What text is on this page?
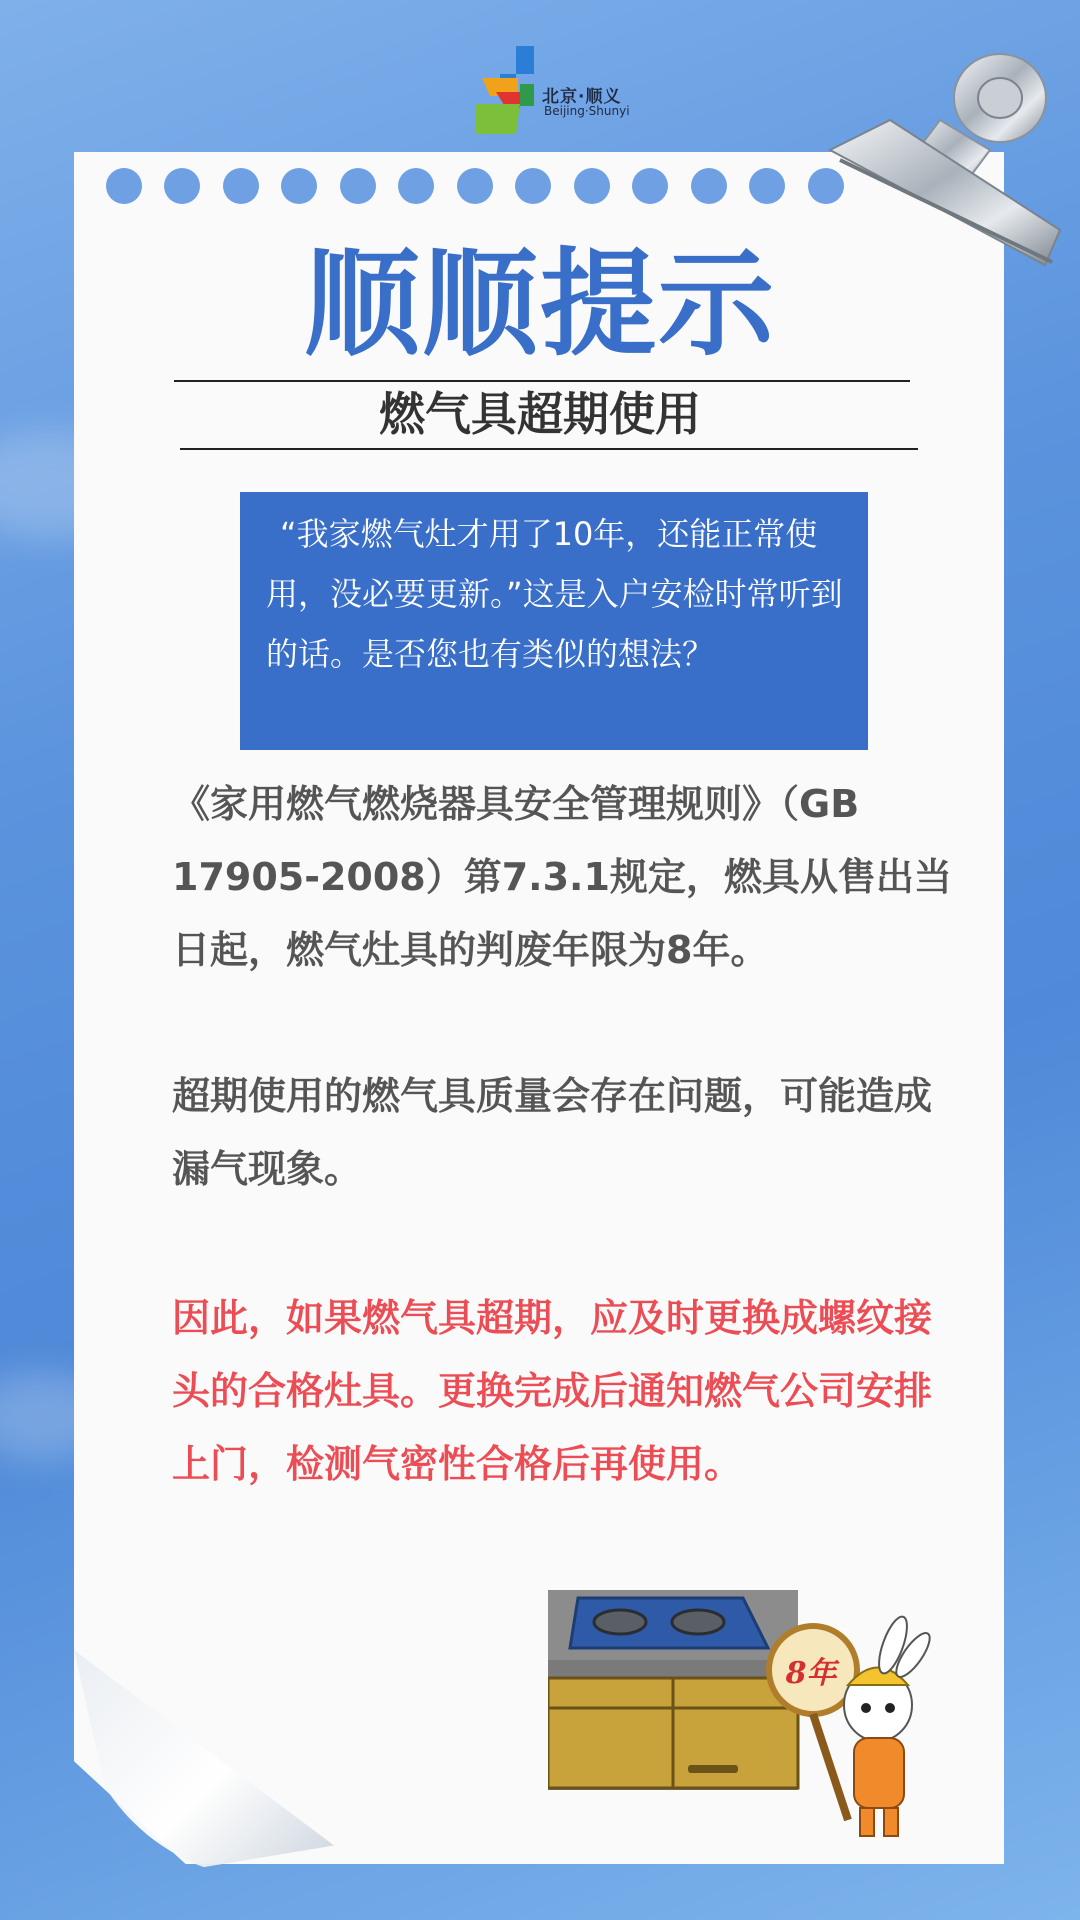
北京·顺义
Beijing·Shunyi
顺顺提示
燃气具超期使用
“我家燃气灶才用了10年，还能正常使用，没必要更新。”这是入户安检时常听到的话。是否您也有类似的想法？
《家用燃气燃烧器具安全管理规则》（GB 17905-2008）第7.3.1规定，燃具从售出当日起，燃气灶具的判废年限为8年。
超期使用的燃气具质量会存在问题，可能造成漏气现象。
因此，如果燃气具超期，应及时更换成螺纹接头的合格灶具。更换完成后通知燃气公司安排上门，检测气密性合格后再使用。
8年
